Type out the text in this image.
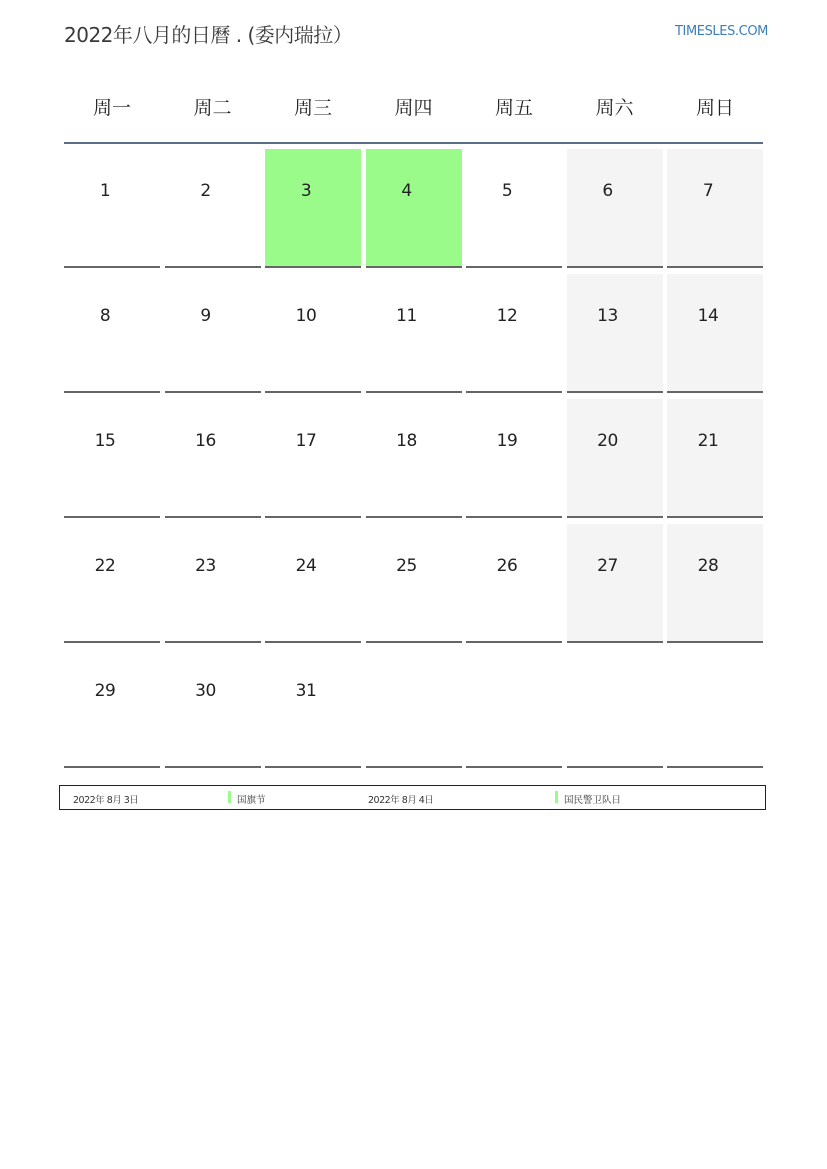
2022年八月的日曆 . (委内瑞拉）	TIMESLES.COM
周一	周二	周三	周四	周五	周六	周日
1	2	3	4	5	6	7
8	9	10	11	12	13	14
15	16	17	18	19	20	21
22	23	24	25	26	27	28
29	30	31
2022年 8月 3日	国旗节	2022年 8月 4日	国民警卫队日
